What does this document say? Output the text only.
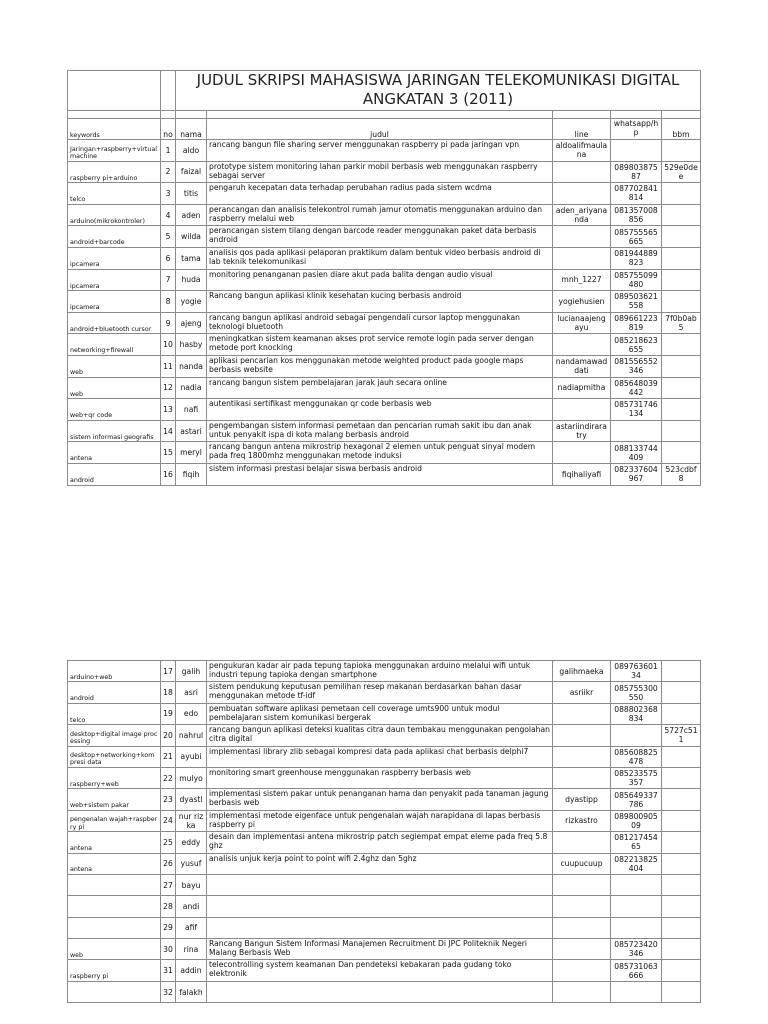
		JUDUL SKRIPSI MAHASISWA JARINGAN TELEKOMUNIKASI DIGITAL ANGKATAN 3 (2011)				

keywords	no	nama	judul	line	whatsapp/hp	bbm
Jaringan+raspberry+virtual machine	1	aldo	rancang bangun file sharing server menggunakan raspberry pi pada jaringan vpn	aldoalifmaulana		
raspberry pi+arduino	2	faizal	prototype sistem monitoring lahan parkir mobil berbasis web menggunakan raspberry sebagai server		08980387587	529e0dee
telco	3	titis	pengaruh kecepatan data terhadap perubahan radius pada sistem wcdma		087702841814	
arduino(mikrokontroler)	4	aden	perancangan dan analisis telekontrol rumah jamur otomatis menggunakan arduino dan raspberry melalui web	aden_ariyananda	081357008856	
android+barcode	5	wilda	perancangan sistem tilang dengan barcode reader menggunakan paket data berbasis android		085755565665	
ipcamera	6	tama	analisis qos pada aplikasi pelaporan praktikum dalam bentuk video berbasis android di lab teknik telekomunikasi		081944889823	
ipcamera	7	huda	monitoring penanganan pasien diare akut pada balita dengan audio visual	mnh_1227	085755099480	
ipcamera	8	yogie	Rancang bangun aplikasi klinik kesehatan kucing berbasis android	yogiehusien	089503621558	
android+bluetooth cursor	9	ajeng	rancang bangun aplikasi android sebagai pengendali cursor laptop menggunakan teknologi bluetooth	lucianaajengayu	089661223819	7f0b0ab5
networking+firewall	10	hasby	meningkatkan sistem keamanan akses prot service remote login pada server dengan metode port knocking		085218623655	
web	11	nanda	aplikasi pencarian kos menggunakan metode weighted product pada google maps berbasis website	nandamawaddati	081556552346	
web	12	nadia	rancang bangun sistem pembelajaran jarak jauh secara online	nadiapmitha	085648039442	
web+qr code	13	nafi	autentikasi sertifikast menggunakan qr code berbasis web		085731746134	
sistem informasi geografis	14	astari	pengembangan sistem informasi pemetaan dan pencarian rumah sakit ibu dan anak untuk penyakit ispa di kota malang berbasis android	astariindiraratry		
antena	15	meryl	rancang bangun antena mikrostrip hexagonal 2 elemen untuk penguat sinyal modem pada freq 1800mhz menggunakan metode induksi		088133744409	
android	16	fiqih	sistem informasi prestasi belajar siswa berbasis android	fiqihaliyafi	082337604967	523cdbf8
arduino+web	17	galih	pengukuran kadar air pada tepung tapioka menggunakan arduino melalui wifi untuk industri tepung tapioka dengan smartphone	galihmaeka	08976360134	
android	18	asri	sistem pendukung keputusan pemilihan resep makanan berdasarkan bahan dasar menggunakan metode tf-idf	asriikr	085755300550	
telco	19	edo	pembuatan software aplikasi pemetaan cell coverage umts900 untuk modul pembelajaran sistem komunikasi bergerak		088802368834	
desktop+digital image processing	20	nahrul	rancang bangun aplikasi deteksi kualitas citra daun tembakau menggunakan pengolahan citra digital			5727c511
desktop+networking+kompresi data	21	ayubi	implementasi library zlib sebagai kompresi data pada aplikasi chat berbasis delphi7		085608825478	
raspberry+web	22	mulyo	monitoring smart greenhouse menggunakan raspberry berbasis web		085233575357	
web+sistem pakar	23	dyastl	implementasi sistem pakar untuk penanganan hama dan penyakit pada tanaman jagung berbasis web	dyastipp	085649337786	
pengenalan wajah+raspberry pi	24	nur rizka	implementasi metode eigenface untuk pengenalan wajah narapidana di lapas berbasis raspberry pi	rizkastro	08980090509	
antena	25	eddy	desain dan implementasi antena mikrostrip patch segiempat empat eleme pada freq 5.8 ghz		08121745465	
antena	26	yusuf	analisis unjuk kerja point to point wifi 2.4ghz dan 5ghz	cuupucuup	082213825404	
	27	bayu				
	28	andi				
	29	afif				
web	30	rina	Rancang Bangun Sistem Informasi Manajemen Recruitment Di JPC Politeknik Negeri Malang Berbasis Web		085723420346	
raspberry pi	31	addin	telecontrolling system keamanan Dan pendeteksi kebakaran pada gudang toko elektronik		085731063666	
	32	falakh				
